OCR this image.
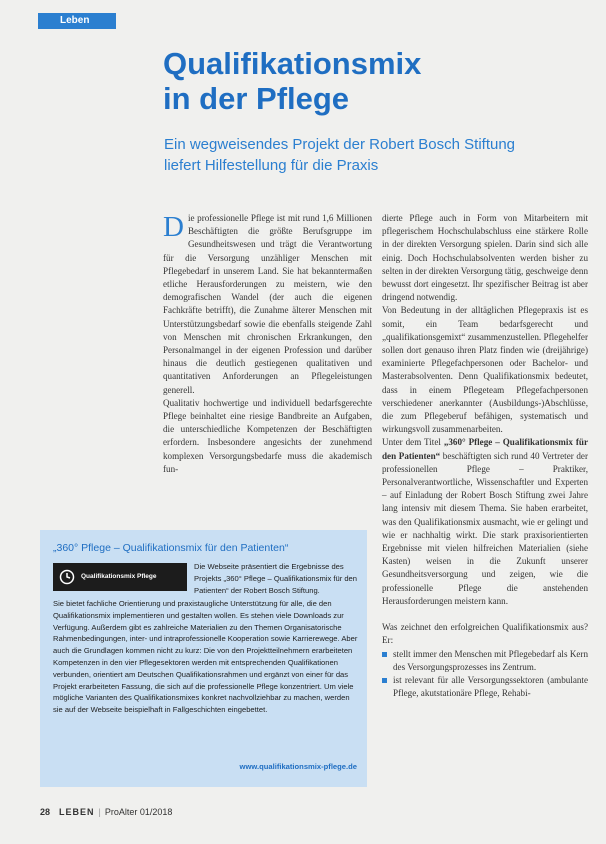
Leben
Qualifikationsmix
in der Pflege

Ein wegweisendes Projekt der Robert Bosch Stiftung
liefert Hilfestellung für die Praxis

D ie professionelle Pflege ist mit rund 1,6 Millionen Beschäftigten die größte Berufsgruppe im Gesundheitswesen und trägt die Verantwortung für die Versorgung unzähliger Menschen mit Pflegebedarf in unserem Land. Sie hat bekanntermaßen etliche Herausforderungen zu meistern, wie den demografischen Wandel (der auch die eigenen Fachkräfte betrifft), die Zunahme älterer Menschen mit Unterstützungsbedarf sowie die ebenfalls steigende Zahl von Menschen mit chronischen Erkrankungen, den Personalmangel in der eigenen Profession und darüber hinaus die deutlich gestiegenen qualitativen und quantitativen Anforderungen an Pflegeleistungen generell.

Qualitativ hochwertige und individuell bedarfsgerechte Pflege beinhaltet eine riesige Bandbreite an Aufgaben, die unterschiedliche Kompetenzen der Beschäftigten erfordern. Insbesondere angesichts der zunehmend komplexen Versorgungsbedarfe muss die akademisch fun-

dierte Pflege auch in Form von Mitarbeitern mit pflegerischem Hochschulabschluss eine stärkere Rolle in der direkten Versorgung spielen. Darin sind sich alle einig. Doch Hochschulabsolventen werden bisher zu selten in der direkten Versorgung tätig, geschweige denn bewusst dort eingesetzt. Ihr spezifischer Beitrag ist aber dringend notwendig.

Von Bedeutung in der alltäglichen Pflegepraxis ist es somit, ein Team bedarfsgerecht und „qualifikationsgemixt“ zusammenzustellen. Pflegehelfer sollen dort genauso ihren Platz finden wie (dreijährige) examinierte Pflegefachpersonen oder Bachelor- und Masterabsolventen. Denn Qualifikationsmix bedeutet, dass in einem Pflegeteam Pflegefachpersonen verschiedener anerkannter (Ausbildungs-)Abschlüsse, die zum Pflegeberuf befähigen, systematisch und wirkungsvoll zusammenarbeiten.

Unter dem Titel „360° Pflege – Qualifikationsmix für den Patienten“ beschäftigten sich rund 40 Vertreter der professionellen Pflege – Praktiker, Personalverantwortliche, Wissenschaftler und Experten – auf Einladung der Robert Bosch Stiftung zwei Jahre lang intensiv mit diesem Thema. Sie haben erarbeitet, was den Qualifikationsmix ausmacht, wie er gelingt und wie er nachhaltig wirkt. Die stark praxisorientierten Ergebnisse mit vielen hilfreichen Materialien (siehe Kasten) weisen in die Zukunft unserer Gesundheitsversorgung und zeigen, wie die professionelle Pflege die anstehenden Herausforderungen meistern kann.

Was zeichnet den erfolgreichen Qualifikationsmix aus? Er:

stellt immer den Menschen mit Pflegebedarf als Kern des Versorgungsprozesses ins Zentrum.
ist relevant für alle Versorgungssektoren (ambulante Pflege, akutstationäre Pflege, Rehabi-
„360° Pflege – Qualifikationsmix für den Patienten“
Qualifikationsmix Pflege

Die Webseite präsentiert die Ergebnisse des Projekts „360° Pflege – Qualifikationsmix für den Patienten“ der Robert Bosch Stiftung.

Sie bietet fachliche Orientierung und praxistaugliche Unterstützung für alle, die den Qualifikationsmix implementieren und gestalten wollen. Es stehen viele Downloads zur Verfügung. Außerdem gibt es zahlreiche Materialien zu den Themen Organisatorische Rahmenbedingungen, inter- und intraprofessionelle Kooperation sowie Karrierewege. Aber auch die Grundlagen kommen nicht zu kurz: Die von den Projektteilnehmern erarbeiteten Kompetenzen in den vier Pflegesektoren werden mit entsprechenden Qualifikationen verbunden, orientiert am Deutschen Qualifikationsrahmen und ergänzt von einer für das Projekt erarbeiteten Fassung, die sich auf die professionelle Pflege konzentriert. Um viele mögliche Varianten des Qualifikationsmixes konkret nachvollziehbar zu machen, werden sie auf der Webseite beispielhaft in Fallgeschichten eingebettet.

www.qualifikationsmix-pflege.de
28 LEBEN | ProAlter 01/2018
